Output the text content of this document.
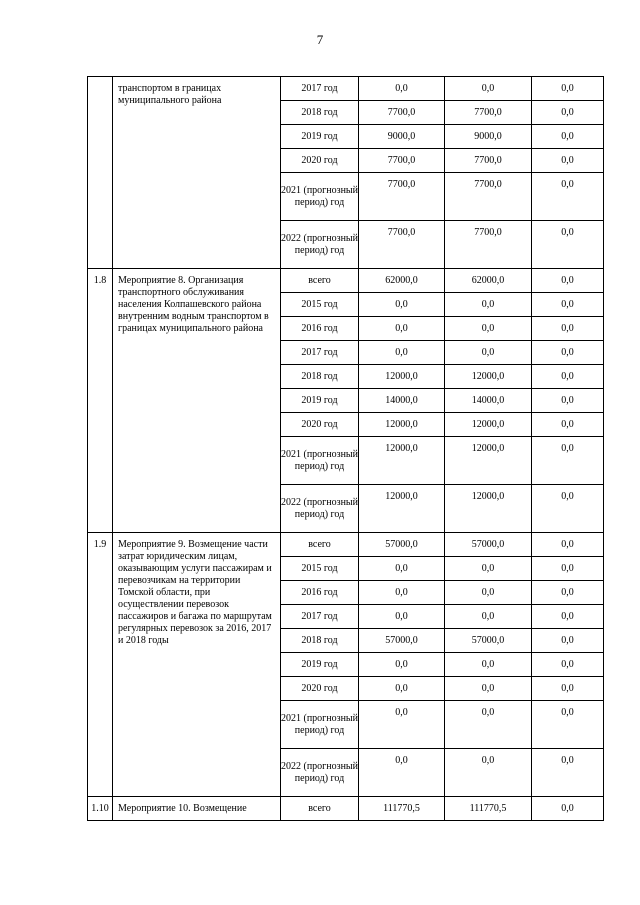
7
	транспортом в границах муниципального района	2017 год	0,0	0,0	0,0
		2018 год	7700,0	7700,0	0,0
		2019 год	9000,0	9000,0	0,0
		2020 год	7700,0	7700,0	0,0
		2021 (прогнозный период) год	7700,0	7700,0	0,0
		2022 (прогнозный период) год	7700,0	7700,0	0,0
1.8	Мероприятие 8. Организация транспортного обслуживания населения Колпашевского района внутренним водным транспортом в границах муниципального района	всего	62000,0	62000,0	0,0
		2015 год	0,0	0,0	0,0
		2016 год	0,0	0,0	0,0
		2017 год	0,0	0,0	0,0
		2018 год	12000,0	12000,0	0,0
		2019 год	14000,0	14000,0	0,0
		2020 год	12000,0	12000,0	0,0
		2021 (прогнозный период) год	12000,0	12000,0	0,0
		2022 (прогнозный период) год	12000,0	12000,0	0,0
1.9	Мероприятие 9. Возмещение части затрат юридическим лицам, оказывающим услуги пассажирам и перевозчикам на территории Томской области, при осуществлении перевозок пассажиров и багажа по маршрутам регулярных перевозок за 2016, 2017 и 2018 годы	всего	57000,0	57000,0	0,0
		2015 год	0,0	0,0	0,0
		2016 год	0,0	0,0	0,0
		2017 год	0,0	0,0	0,0
		2018 год	57000,0	57000,0	0,0
		2019 год	0,0	0,0	0,0
		2020 год	0,0	0,0	0,0
		2021 (прогнозный период) год	0,0	0,0	0,0
		2022 (прогнозный период) год	0,0	0,0	0,0
1.10	Мероприятие 10. Возмещение	всего	111770,5	111770,5	0,0
